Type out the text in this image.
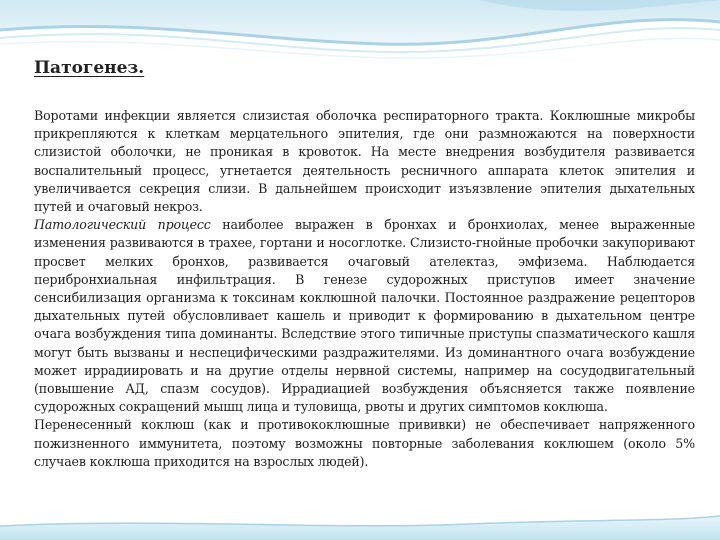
Патогенез.

Воротами инфекции является слизистая оболочка респираторного тракта. Коклюшные микробы прикрепляются к клеткам мерцательного эпителия, где они размножаются на поверхности слизистой оболочки, не проникая в кровоток. На месте внедрения возбудителя развивается воспалительный процесс, угнетается деятельность ресничного аппарата клеток эпителия и увеличивается секреция слизи. В дальнейшем происходит изъязвление эпителия дыхательных путей и очаговый некроз.

Патологический процесс наиболее выражен в бронхах и бронхиолах, менее выраженные изменения развиваются в трахее, гортани и носоглотке. Слизисто-гнойные пробочки закупоривают просвет мелких бронхов, развивается очаговый ателектаз, эмфизема. Наблюдается перибронхиальная инфильтрация. В генезе судорожных приступов имеет значение сенсибилизация организма к токсинам коклюшной палочки. Постоянное раздражение рецепторов дыхательных путей обусловливает кашель и приводит к формированию в дыхательном центре очага возбуждения типа доминанты. Вследствие этого типичные приступы спазматического кашля могут быть вызваны и неспецифическими раздражителями. Из доминантного очага возбуждение может иррадиировать и на другие отделы нервной системы, например на сосудодвигательный (повышение АД, спазм сосудов). Иррадиацией возбуждения объясняется также появление судорожных сокращений мышц лица и туловища, рвоты и других симптомов коклюша.

Перенесенный коклюш (как и противококлюшные прививки) не обеспечивает напряженного пожизненного иммунитета, поэтому возможны повторные заболевания коклюшем (около 5% случаев коклюша приходится на взрослых людей).
